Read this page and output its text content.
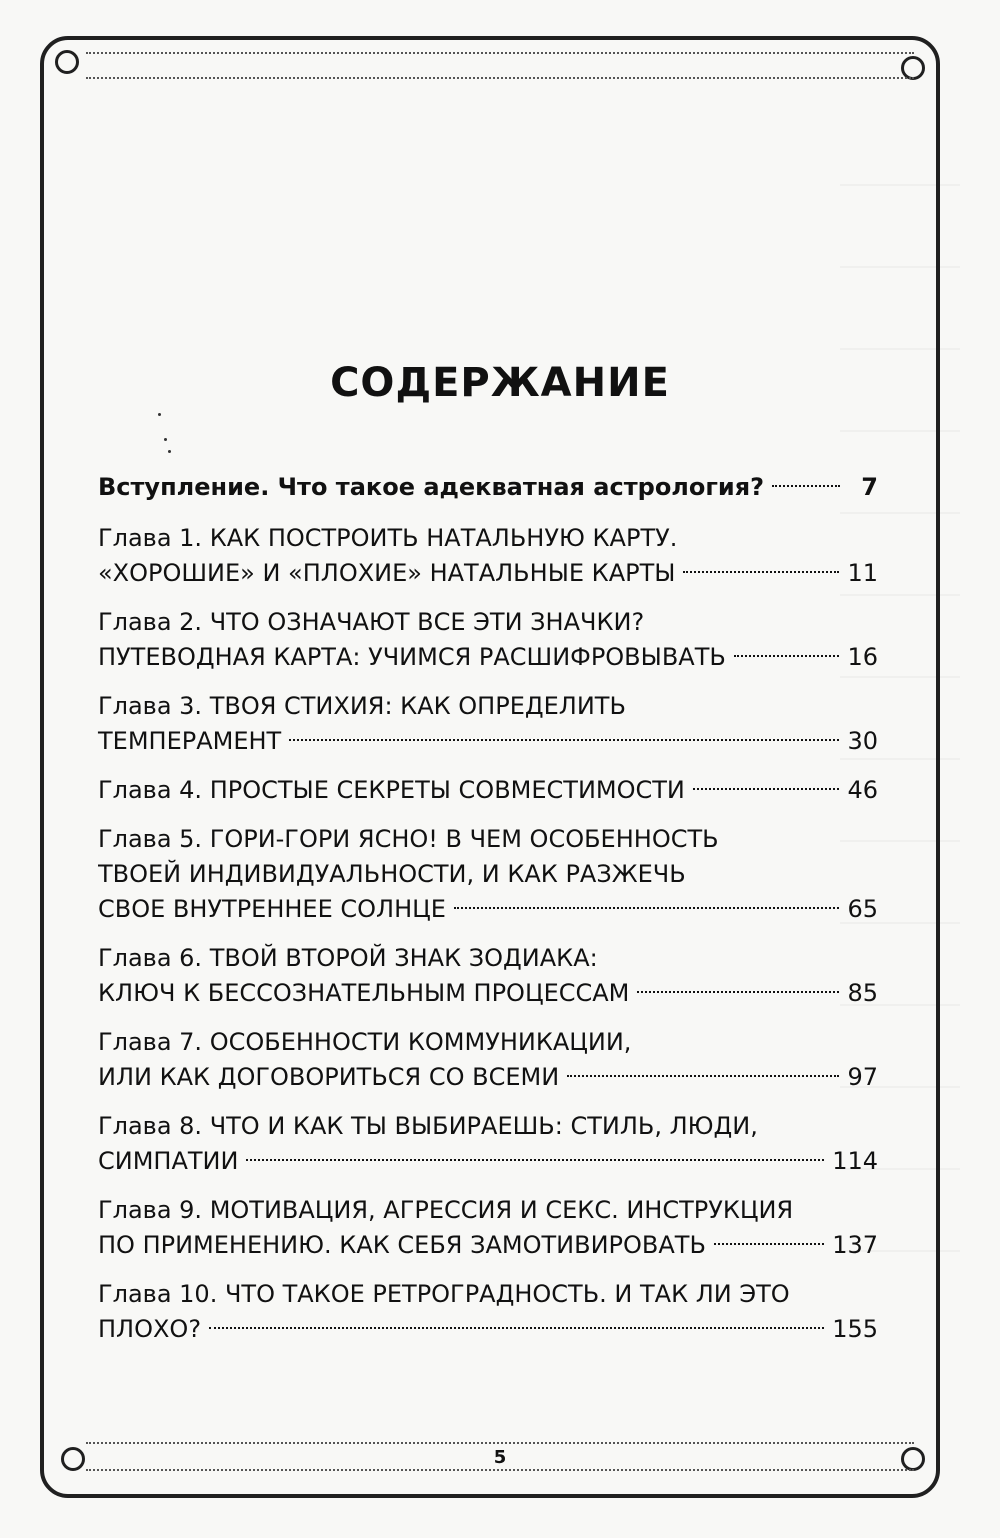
СОДЕРЖАНИЕ
Вступление. Что такое адекватная астрология?	7
Глава 1. КАК ПОСТРОИТЬ НАТАЛЬНУЮ КАРТУ.
«ХОРОШИЕ» И «ПЛОХИЕ» НАТАЛЬНЫЕ КАРТЫ	11
Глава 2. ЧТО ОЗНАЧАЮТ ВСЕ ЭТИ ЗНАЧКИ?
ПУТЕВОДНАЯ КАРТА: УЧИМСЯ РАСШИФРОВЫВАТЬ	16
Глава 3. ТВОЯ СТИХИЯ: КАК ОПРЕДЕЛИТЬ
ТЕМПЕРАМЕНТ	30
Глава 4. ПРОСТЫЕ СЕКРЕТЫ СОВМЕСТИМОСТИ	46
Глава 5. ГОРИ-ГОРИ ЯСНО! В ЧЕМ ОСОБЕННОСТЬ
ТВОЕЙ ИНДИВИДУАЛЬНОСТИ, И КАК РАЗЖЕЧЬ
СВОЕ ВНУТРЕННЕЕ СОЛНЦЕ	65
Глава 6. ТВОЙ ВТОРОЙ ЗНАК ЗОДИАКА:
КЛЮЧ К БЕССОЗНАТЕЛЬНЫМ ПРОЦЕССАМ	85
Глава 7. ОСОБЕННОСТИ КОММУНИКАЦИИ,
ИЛИ КАК ДОГОВОРИТЬСЯ СО ВСЕМИ	97
Глава 8. ЧТО И КАК ТЫ ВЫБИРАЕШЬ: СТИЛЬ, ЛЮДИ,
СИМПАТИИ	114
Глава 9. МОТИВАЦИЯ, АГРЕССИЯ И СЕКС. ИНСТРУКЦИЯ
ПО ПРИМЕНЕНИЮ. КАК СЕБЯ ЗАМОТИВИРОВАТЬ	137
Глава 10. ЧТО ТАКОЕ РЕТРОГРАДНОСТЬ. И ТАК ЛИ ЭТО
ПЛОХО?	155
5
